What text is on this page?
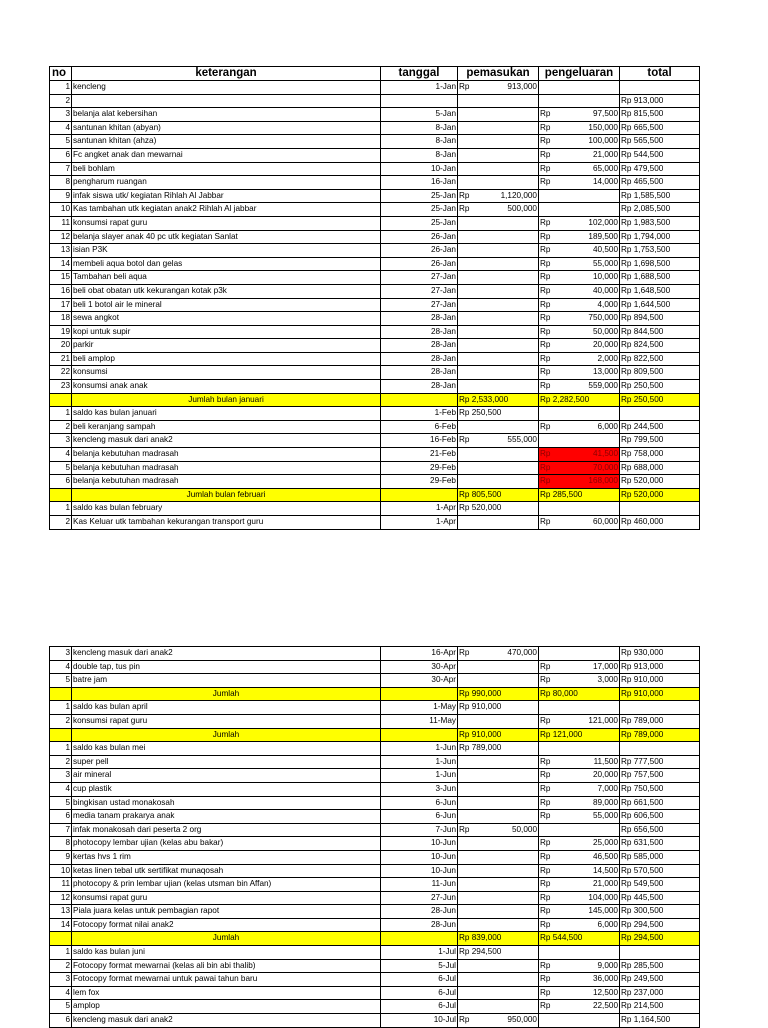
no	keterangan	tanggal	pemasukan	pengeluaran	total
1	kencleng	1-Jan	Rp 913,000		

2					Rp 913,000
3	belanja alat kebersihan	5-Jan		Rp 97,500	Rp 815,500
4	santunan khitan (abyan)	8-Jan		Rp 150,000	Rp 665,500
5	santunan khitan (ahza)	8-Jan		Rp 100,000	Rp 565,500
6	Fc angket anak dan mewarnai	8-Jan		Rp 21,000	Rp 544,500
7	beli bohlam	10-Jan		Rp 65,000	Rp 479,500
8	pengharum ruangan	16-Jan		Rp 14,000	Rp 465,500
9	infak siswa utk/ kegiatan Rihlah Al Jabbar	25-Jan	Rp 1,120,000		Rp 1,585,500
10	Kas tambahan utk kegiatan anak2 Rihlah Al jabbar	25-Jan	Rp 500,000		Rp 2,085,500
11	konsumsi rapat guru	25-Jan		Rp 102,000	Rp 1,983,500
12	belanja slayer anak 40 pc utk kegiatan Sanlat	26-Jan		Rp 189,500	Rp 1,794,000
13	isian P3K	26-Jan		Rp 40,500	Rp 1,753,500
14	membeli aqua botol dan gelas	26-Jan		Rp 55,000	Rp 1,698,500
15	Tambahan beli aqua	27-Jan		Rp 10,000	Rp 1,688,500
16	beli obat obatan utk kekurangan kotak p3k	27-Jan		Rp 40,000	Rp 1,648,500
17	beli 1 botol air le mineral	27-Jan		Rp 4,000	Rp 1,644,500
18	sewa angkot	28-Jan		Rp 750,000	Rp 894,500
19	kopi untuk supir	28-Jan		Rp 50,000	Rp 844,500
20	parkir	28-Jan		Rp 20,000	Rp 824,500
21	beli amplop	28-Jan		Rp 2,000	Rp 822,500
22	konsumsi	28-Jan		Rp 13,000	Rp 809,500
23	konsumsi anak anak	28-Jan		Rp 559,000	Rp 250,500
	Jumlah bulan januari		Rp 2,533,000	Rp 2,282,500	Rp 250,500
1	saldo kas bulan januari	1-Feb	Rp 250,500		
2	beli keranjang sampah	6-Feb		Rp 6,000	Rp 244,500
3	kencleng masuk dari anak2	16-Feb	Rp 555,000		Rp 799,500
4	belanja kebutuhan madrasah	21-Feb		Rp 41,500	Rp 758,000
5	belanja kebutuhan madrasah	29-Feb		Rp 70,000	Rp 688,000
6	belanja kebutuhan madrasah	29-Feb		Rp 168,000	Rp 520,000
	Jumlah bulan februari		Rp 805,500	Rp 285,500	Rp 520,000
1	saldo kas bulan february	1-Apr	Rp 520,000		
2	Kas Keluar utk tambahan kekurangan transport guru	1-Apr		Rp 60,000	Rp 460,000
3	kencleng masuk dari anak2	16-Apr	Rp 470,000		Rp 930,000
4	double tap, tus pin	30-Apr		Rp 17,000	Rp 913,000
5	batre jam	30-Apr		Rp 3,000	Rp 910,000
	Jumlah		Rp 990,000	Rp 80,000	Rp 910,000
1	saldo kas bulan april	1-May	Rp 910,000		
2	konsumsi rapat guru	11-May		Rp 121,000	Rp 789,000
	Jumlah		Rp 910,000	Rp 121,000	Rp 789,000
1	saldo kas bulan mei	1-Jun	Rp 789,000		
2	super pell	1-Jun		Rp 11,500	Rp 777,500
3	air mineral	1-Jun		Rp 20,000	Rp 757,500
4	cup plastik	3-Jun		Rp 7,000	Rp 750,500
5	bingkisan ustad monakosah	6-Jun		Rp 89,000	Rp 661,500
6	media tanam prakarya anak	6-Jun		Rp 55,000	Rp 606,500
7	infak monakosah dari peserta 2 org	7-Jun	Rp 50,000		Rp 656,500
8	photocopy lembar ujian (kelas abu bakar)	10-Jun		Rp 25,000	Rp 631,500
9	kertas hvs 1 rim	10-Jun		Rp 46,500	Rp 585,000
10	ketas linen tebal utk sertifikat munaqosah	10-Jun		Rp 14,500	Rp 570,500
11	photocopy & prin lembar ujian (kelas utsman bin Affan)	11-Jun		Rp 21,000	Rp 549,500
12	konsumsi rapat guru	27-Jun		Rp 104,000	Rp 445,500
13	Piala juara kelas untuk pembagian rapot	28-Jun		Rp 145,000	Rp 300,500
14	Fotocopy format nilai anak2	28-Jun		Rp 6,000	Rp 294,500
	Jumlah		Rp 839,000	Rp 544,500	Rp 294,500
1	saldo kas bulan juni	1-Jul	Rp 294,500		
2	Fotocopy format mewarnai (kelas ali bin abi thalib)	5-Jul		Rp 9,000	Rp 285,500
3	Fotocopy format mewarnai untuk pawai tahun baru	6-Jul		Rp 36,000	Rp 249,500
4	lem fox	6-Jul		Rp 12,500	Rp 237,000
5	amplop	6-Jul		Rp 22,500	Rp 214,500
6	kencleng masuk dari anak2	10-Jul	Rp 950,000		Rp 1,164,500
